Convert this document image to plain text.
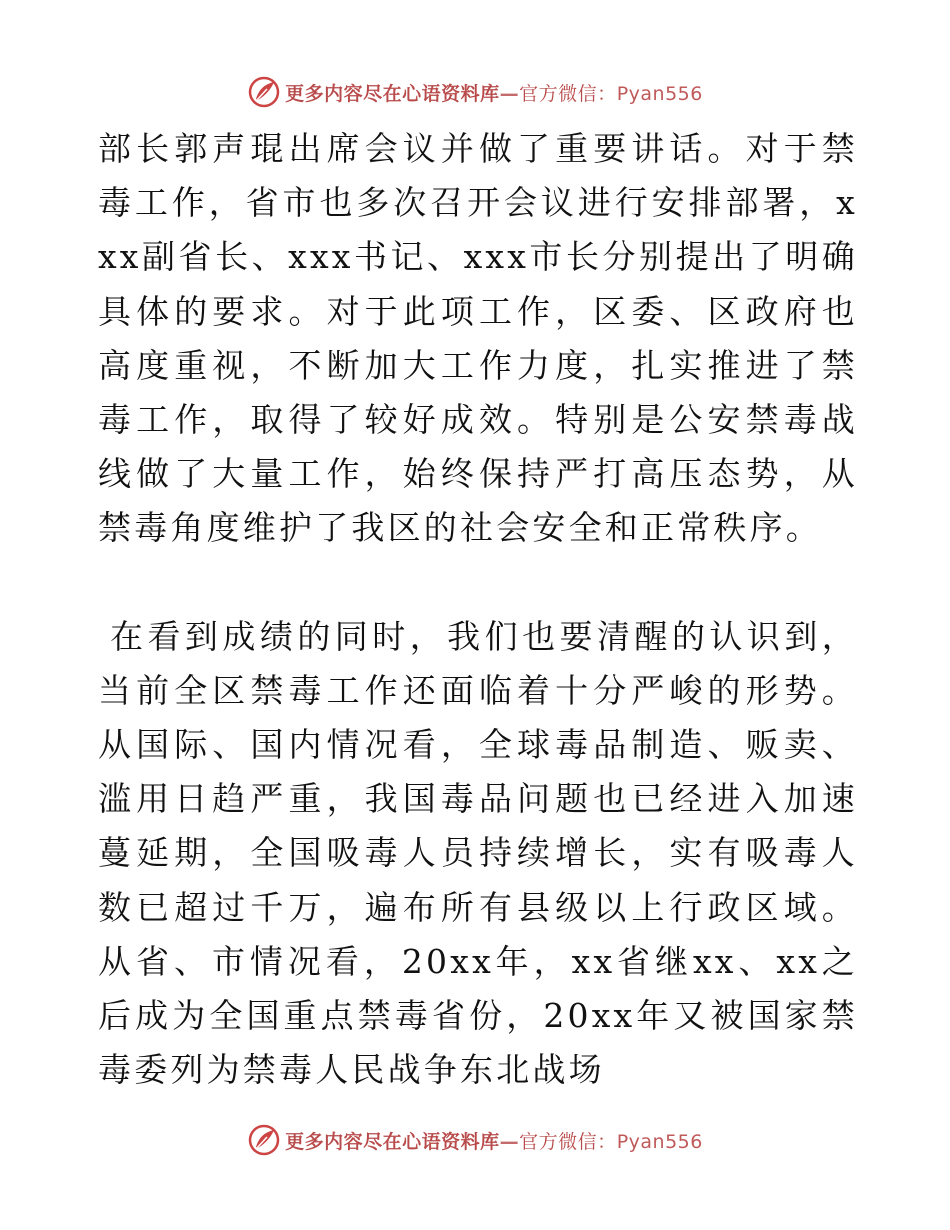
更多内容尽在心语资料库—官方微信：Pyan556

部长郭声琨出席会议并做了重要讲话。对于禁毒工作，省市也多次召开会议进行安排部署，xxx副省长、xxx书记、xxx市长分别提出了明确具体的要求。对于此项工作，区委、区政府也高度重视，不断加大工作力度，扎实推进了禁毒工作，取得了较好成效。特别是公安禁毒战线做了大量工作，始终保持严打高压态势，从禁毒角度维护了我区的社会安全和正常秩序。

在看到成绩的同时，我们也要清醒的认识到，当前全区禁毒工作还面临着十分严峻的形势。从国际、国内情况看，全球毒品制造、贩卖、滥用日趋严重，我国毒品问题也已经进入加速蔓延期，全国吸毒人员持续增长，实有吸毒人数已超过千万，遍布所有县级以上行政区域。从省、市情况看，20xx年，xx省继xx、xx之后成为全国重点禁毒省份，20xx年又被国家禁毒委列为禁毒人民战争东北战场

更多内容尽在心语资料库—官方微信：Pyan556
